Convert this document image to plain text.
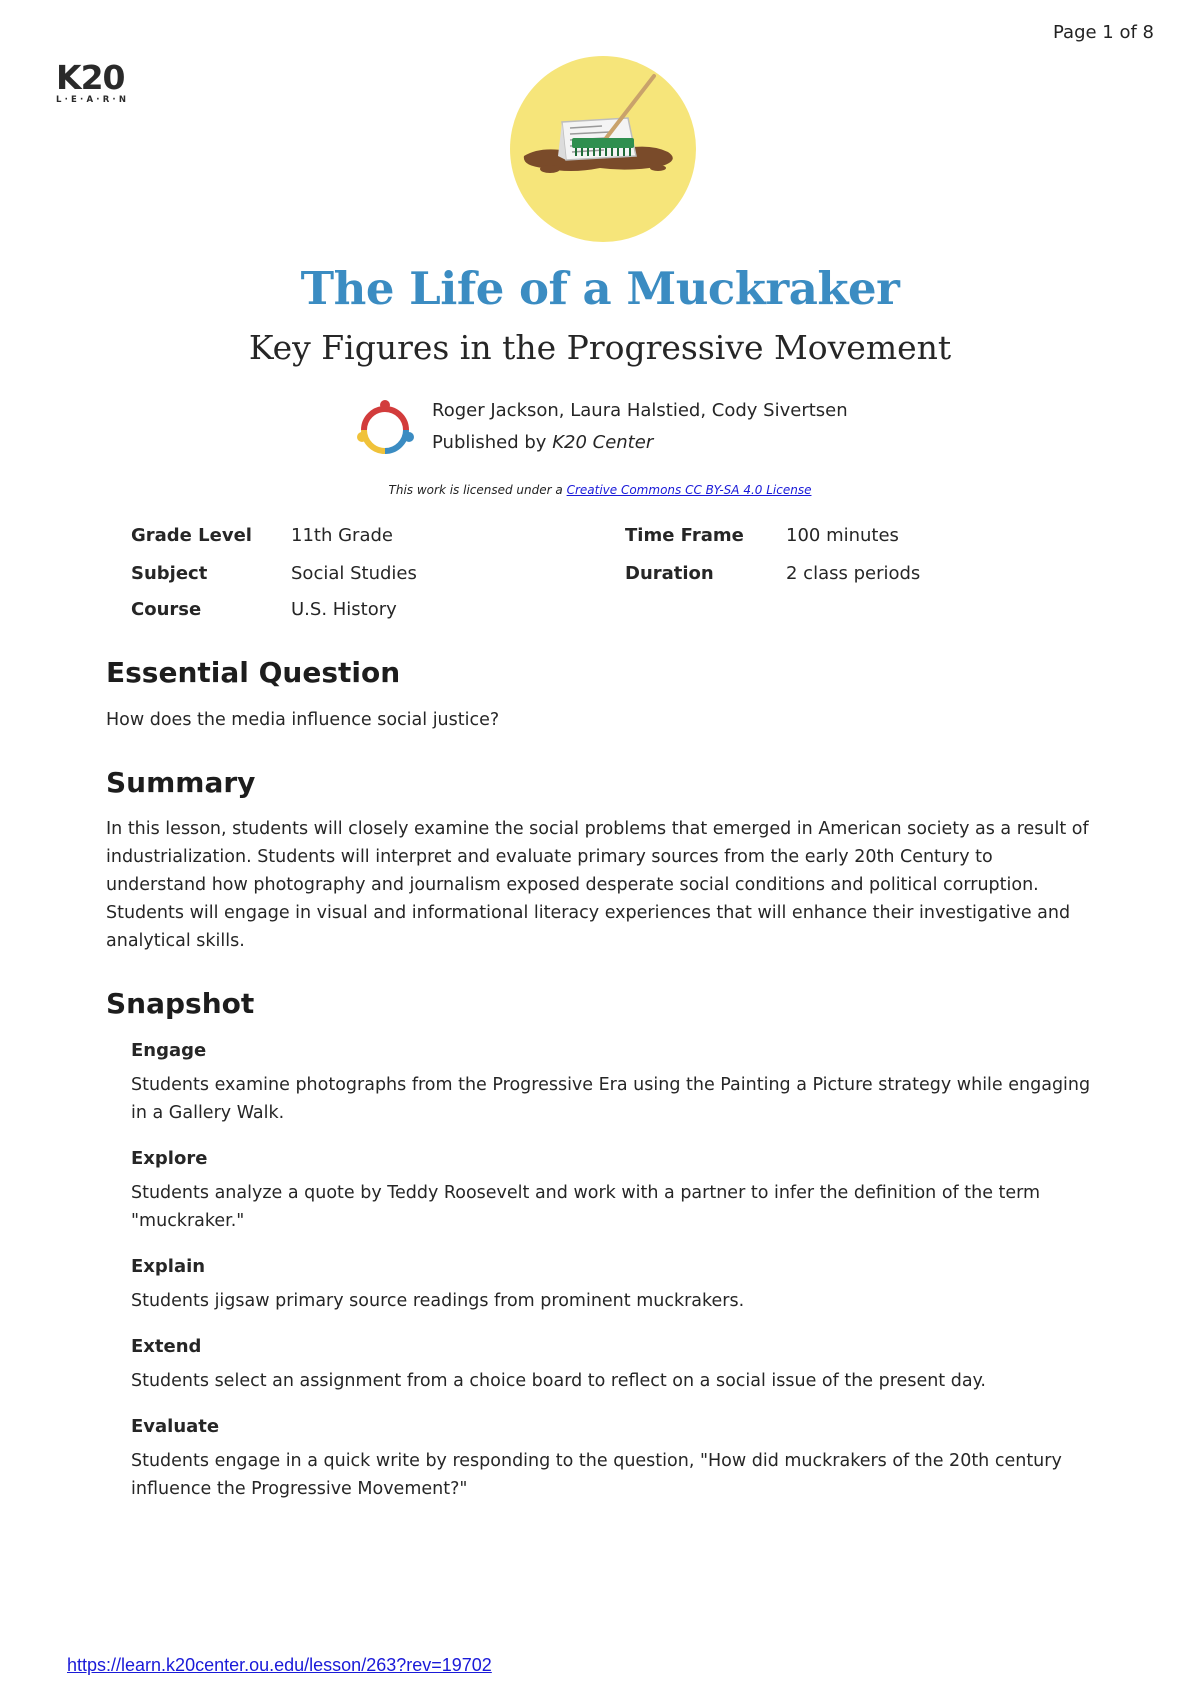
Page 1 of 8
K20
L·E·A·R·N
The Life of a Muckraker
Key Figures in the Progressive Movement
Roger Jackson, Laura Halstied, Cody Sivertsen
Published by K20 Center
This work is licensed under a Creative Commons CC BY-SA 4.0 License
Grade Level 11th Grade	Time Frame 100 minutes
Subject	Social Studies	Duration	2 class periods
Course	U.S. History
Essential Question

How does the media influence social justice?

Summary

In this lesson, students will closely examine the social problems that emerged in American society as a result of industrialization. Students will interpret and evaluate primary sources from the early 20th Century to understand how photography and journalism exposed desperate social conditions and political corruption. Students will engage in visual and informational literacy experiences that will enhance their investigative and analytical skills.

Snapshot
Engage

Students examine photographs from the Progressive Era using the Painting a Picture strategy while engaging in a Gallery Walk.

Explore

Students analyze a quote by Teddy Roosevelt and work with a partner to infer the definition of the term "muckraker."

Explain

Students jigsaw primary source readings from prominent muckrakers.

Extend

Students select an assignment from a choice board to reflect on a social issue of the present day.

Evaluate

Students engage in a quick write by responding to the question, "How did muckrakers of the 20th century influence the Progressive Movement?"

https://learn.k20center.ou.edu/lesson/263?rev=19702
